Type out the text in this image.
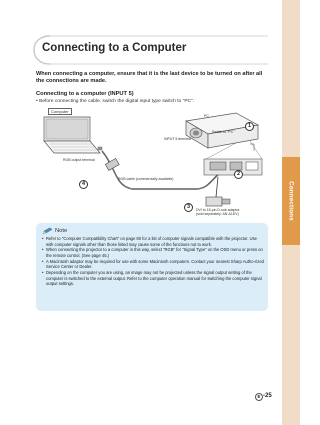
Connections
Connecting to a Computer
When connecting a computer, ensure that it is the last device to be turned on after all the connections are made.
Connecting to a computer (INPUT 5)
• Before connecting the cable, switch the digital input type switch to "PC".
Computer
RGB output terminal
RGB cable (commercially available)
INPUT 5 terminal
Switch to "PC"
PC
DVI to 15-pin D-sub adaptor
(sold separately: AN-A1DV)
1
2
3
4
Note
• Refer to "Computer Compatibility Chart" on page 80 for a list of computer signals compatible with the projector. Use with computer signals other than those listed may cause some of the functions not to work.
• When connecting the projector to a computer in this way, select "RGB" for "Signal Type" on the OSD menu or press on the remote control. (See page 45.)
• A Macintosh adaptor may be required for use with some Macintosh computers. Contact your nearest Sharp Autho-rized Service Center or Dealer.
• Depending on the computer you are using, an image may not be projected unless the signal output setting of the computer is switched to the external output. Refer to the computer operation manual for switching the computer signal output settings.
E -25
